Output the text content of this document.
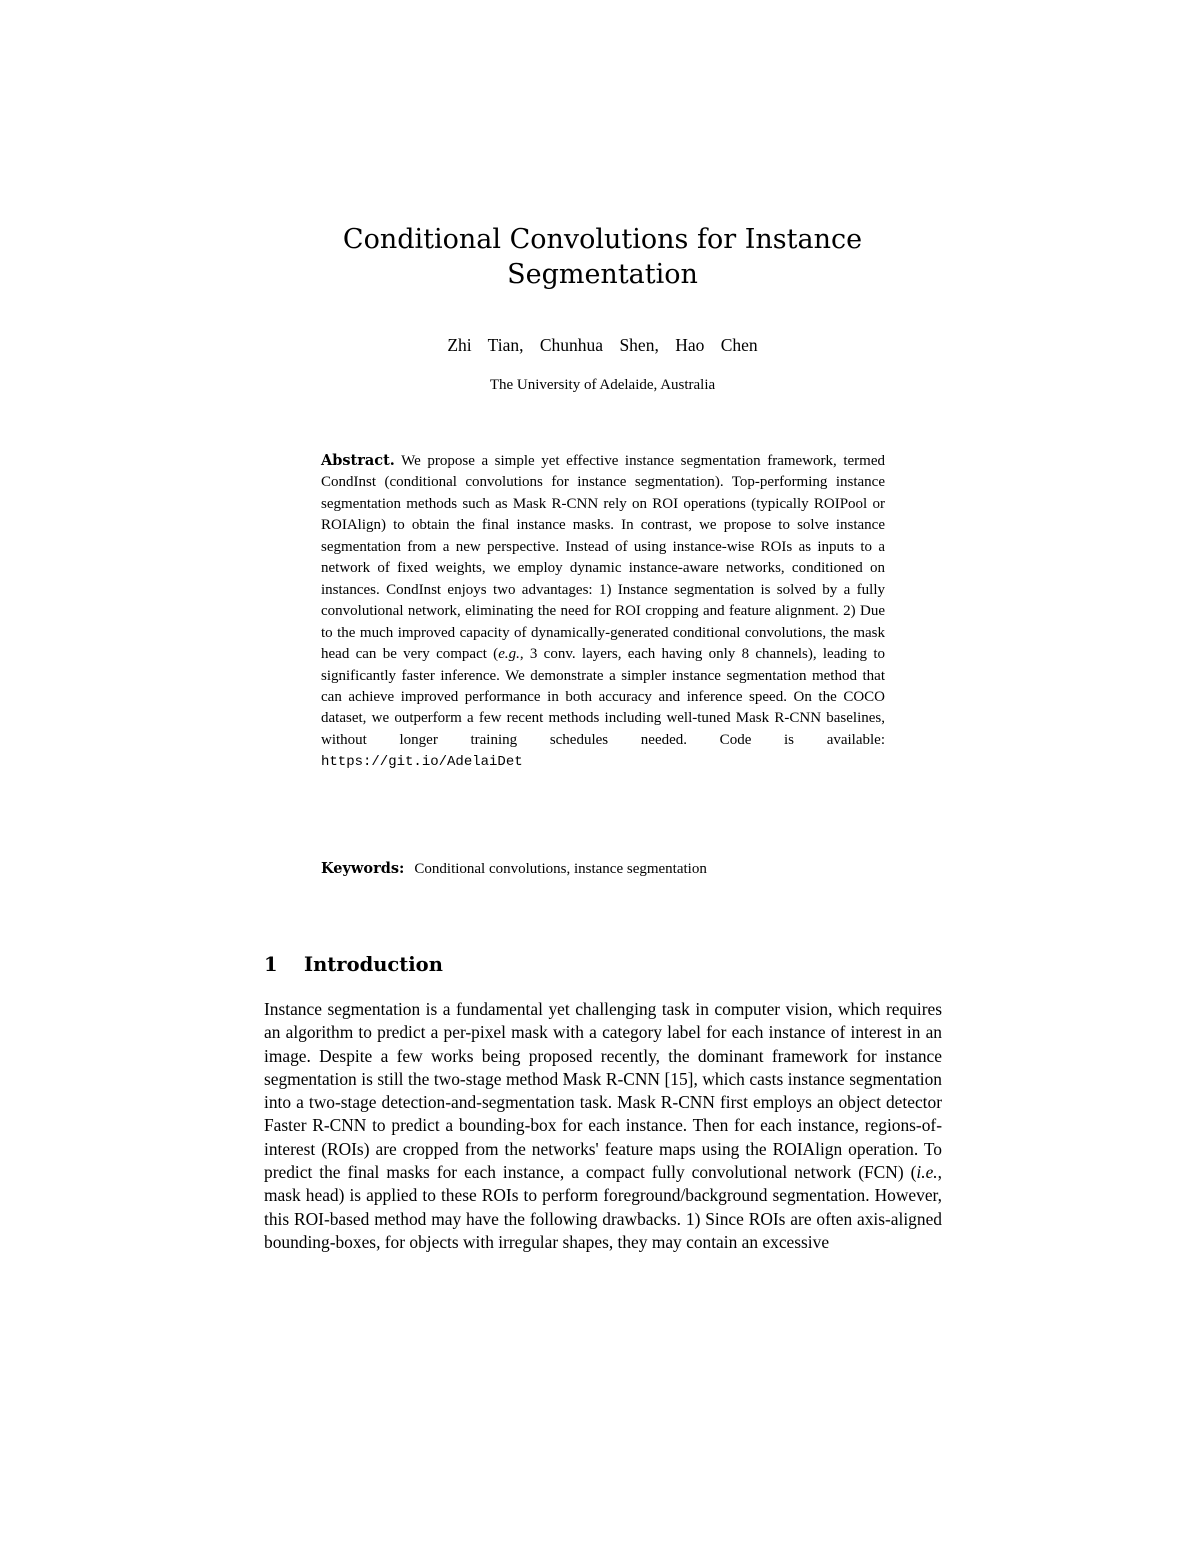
Conditional Convolutions for Instance Segmentation
Zhi Tian, Chunhua Shen, Hao Chen
The University of Adelaide, Australia

Abstract. We propose a simple yet effective instance segmentation framework, termed CondInst (conditional convolutions for instance segmentation). Top-performing instance segmentation methods such as Mask R-CNN rely on ROI operations (typically ROIPool or ROIAlign) to obtain the final instance masks. In contrast, we propose to solve instance segmentation from a new perspective. Instead of using instance-wise ROIs as inputs to a network of fixed weights, we employ dynamic instance-aware networks, conditioned on instances. CondInst enjoys two advantages: 1) Instance segmentation is solved by a fully convolutional network, eliminating the need for ROI cropping and feature alignment. 2) Due to the much improved capacity of dynamically-generated conditional convolutions, the mask head can be very compact (e.g., 3 conv. layers, each having only 8 channels), leading to significantly faster inference. We demonstrate a simpler instance segmentation method that can achieve improved performance in both accuracy and inference speed. On the COCO dataset, we outperform a few recent methods including well-tuned Mask R-CNN baselines, without longer training schedules needed. Code is available: https://git.io/AdelaiDet

Keywords: Conditional convolutions, instance segmentation

1 Introduction

Instance segmentation is a fundamental yet challenging task in computer vision, which requires an algorithm to predict a per-pixel mask with a category label for each instance of interest in an image. Despite a few works being proposed recently, the dominant framework for instance segmentation is still the two-stage method Mask R-CNN [15], which casts instance segmentation into a two-stage detection-and-segmentation task. Mask R-CNN first employs an object detector Faster R-CNN to predict a bounding-box for each instance. Then for each instance, regions-of-interest (ROIs) are cropped from the networks' feature maps using the ROIAlign operation. To predict the final masks for each instance, a compact fully convolutional network (FCN) (i.e., mask head) is applied to these ROIs to perform foreground/background segmentation. However, this ROI-based method may have the following drawbacks. 1) Since ROIs are often axis-aligned bounding-boxes, for objects with irregular shapes, they may contain an excessive
